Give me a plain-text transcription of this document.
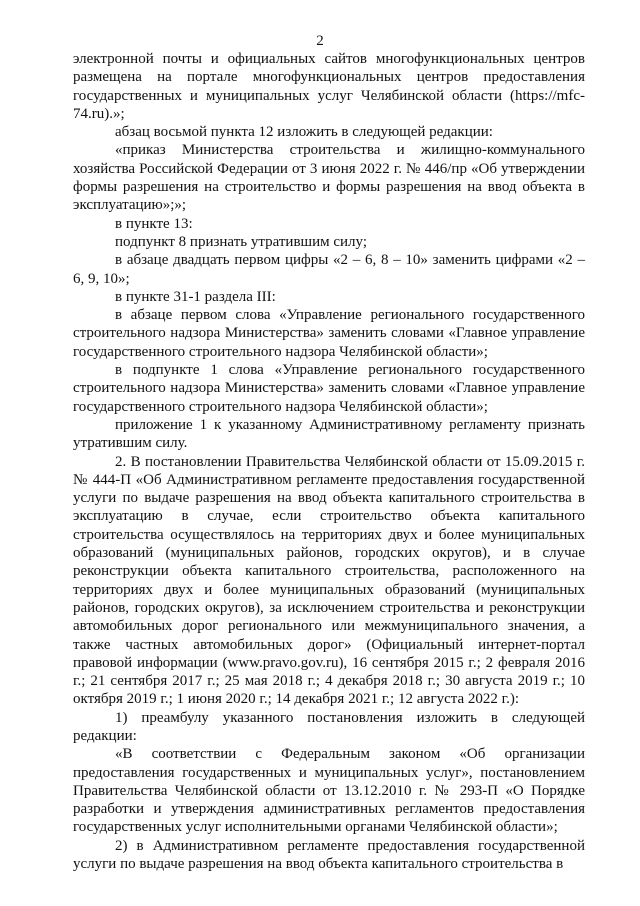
2

электронной почты и официальных сайтов многофункциональных центров размещена на портале многофункциональных центров предоставления государственных и муниципальных услуг Челябинской области (https://mfc-74.ru).»;

абзац восьмой пункта 12 изложить в следующей редакции:

«приказ Министерства строительства и жилищно-коммунального хозяйства Российской Федерации от 3 июня 2022 г. № 446/пр «Об утверждении формы разрешения на строительство и формы разрешения на ввод объекта в эксплуатацию»;»;

в пункте 13:

подпункт 8 признать утратившим силу;

в абзаце двадцать первом цифры «2 – 6, 8 – 10» заменить цифрами «2 – 6, 9, 10»;

в пункте 31-1 раздела III:

в абзаце первом слова «Управление регионального государственного строительного надзора Министерства» заменить словами «Главное управление государственного строительного надзора Челябинской области»;

в подпункте 1 слова «Управление регионального государственного строительного надзора Министерства» заменить словами «Главное управление государственного строительного надзора Челябинской области»;

приложение 1 к указанному Административному регламенту признать утратившим силу.

2. В постановлении Правительства Челябинской области от 15.09.2015 г. № 444-П «Об Административном регламенте предоставления государственной услуги по выдаче разрешения на ввод объекта капитального строительства в эксплуатацию в случае, если строительство объекта капитального строительства осуществлялось на территориях двух и более муниципальных образований (муниципальных районов, городских округов), и в случае реконструкции объекта капитального строительства, расположенного на территориях двух и более муниципальных образований (муниципальных районов, городских округов), за исключением строительства и реконструкции автомобильных дорог регионального или межмуниципального значения, а также частных автомобильных дорог» (Официальный интернет-портал правовой информации (www.pravo.gov.ru), 16 сентября 2015 г.; 2 февраля 2016 г.; 21 сентября 2017 г.; 25 мая 2018 г.; 4 декабря 2018 г.; 30 августа 2019 г.; 10 октября 2019 г.; 1 июня 2020 г.; 14 декабря 2021 г.; 12 августа 2022 г.):

1) преамбулу указанного постановления изложить в следующей редакции:

«В соответствии с Федеральным законом «Об организации предоставления государственных и муниципальных услуг», постановлением Правительства Челябинской области от 13.12.2010 г. № 293-П «О Порядке разработки и утверждения административных регламентов предоставления государственных услуг исполнительными органами Челябинской области»;

2) в Административном регламенте предоставления государственной услуги по выдаче разрешения на ввод объекта капитального строительства в
